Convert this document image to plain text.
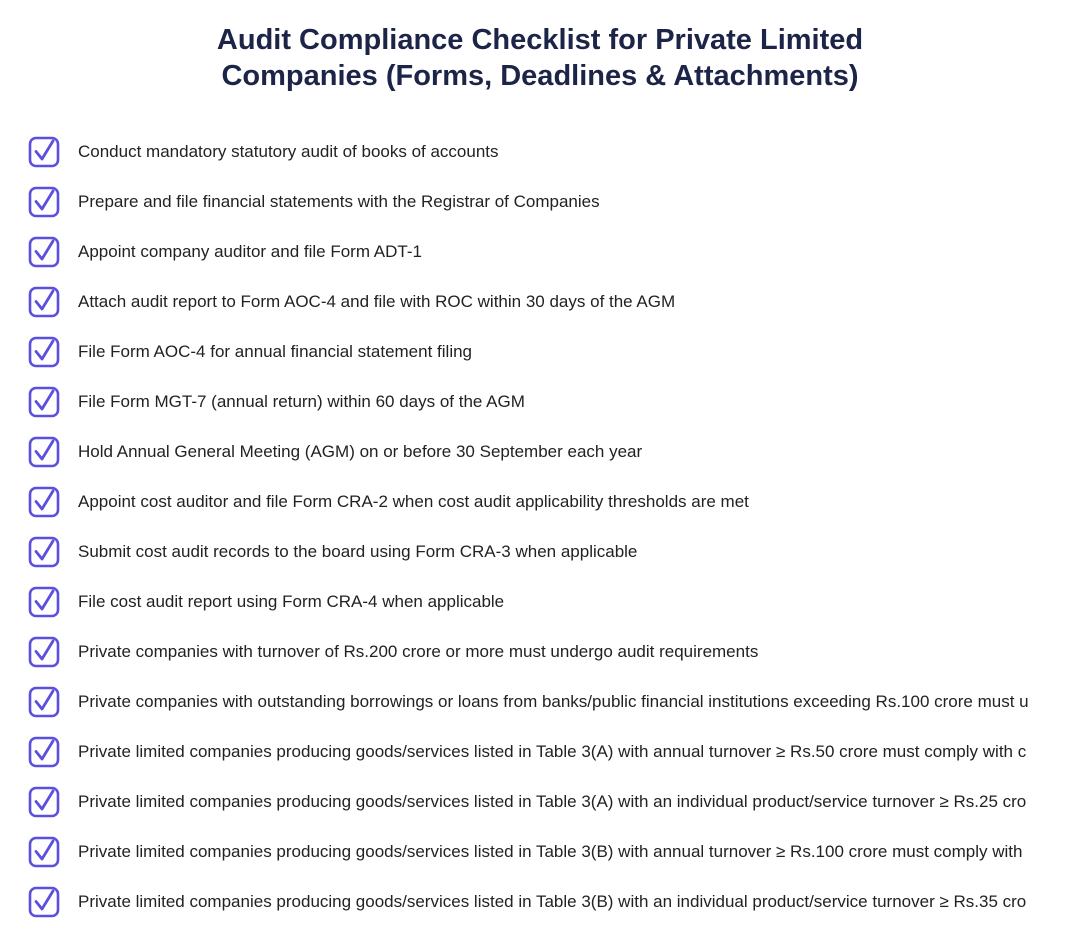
Audit Compliance Checklist for Private Limited
Companies (Forms, Deadlines & Attachments)
Conduct mandatory statutory audit of books of accounts
Prepare and file financial statements with the Registrar of Companies
Appoint company auditor and file Form ADT-1
Attach audit report to Form AOC-4 and file with ROC within 30 days of the AGM
File Form AOC-4 for annual financial statement filing
File Form MGT-7 (annual return) within 60 days of the AGM
Hold Annual General Meeting (AGM) on or before 30 September each year
Appoint cost auditor and file Form CRA-2 when cost audit applicability thresholds are met
Submit cost audit records to the board using Form CRA-3 when applicable
File cost audit report using Form CRA-4 when applicable
Private companies with turnover of Rs.200 crore or more must undergo audit requirements
Private companies with outstanding borrowings or loans from banks/public financial institutions exceeding Rs.100 crore must u
Private limited companies producing goods/services listed in Table 3(A) with annual turnover ≥ Rs.50 crore must comply with c
Private limited companies producing goods/services listed in Table 3(A) with an individual product/service turnover ≥ Rs.25 cro
Private limited companies producing goods/services listed in Table 3(B) with annual turnover ≥ Rs.100 crore must comply with
Private limited companies producing goods/services listed in Table 3(B) with an individual product/service turnover ≥ Rs.35 cro
